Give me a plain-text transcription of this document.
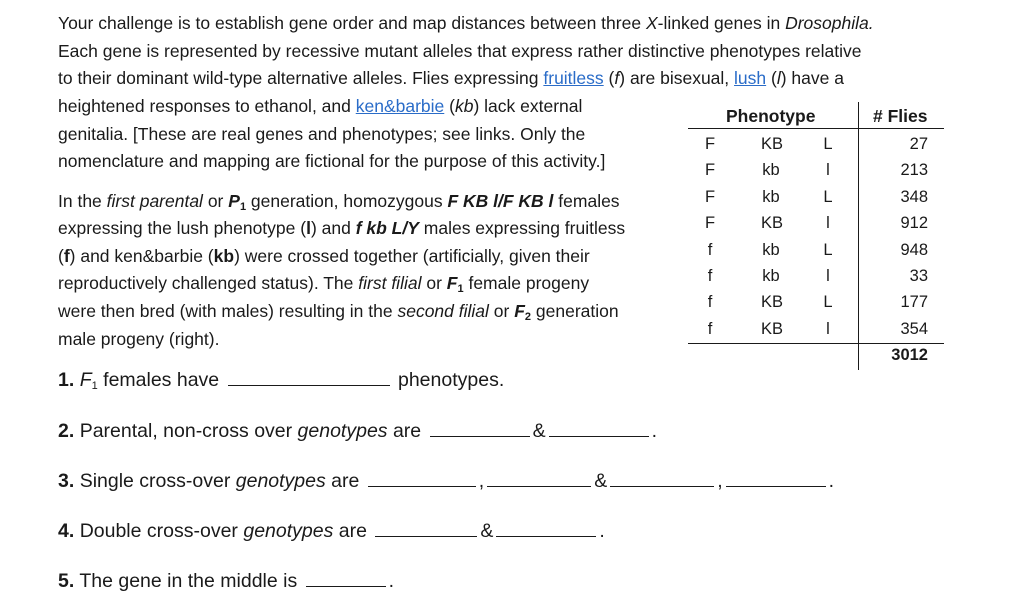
Your challenge is to establish gene order and map distances between three X-linked genes in Drosophila.
Each gene is represented by recessive mutant alleles that express rather distinctive phenotypes relative
to their dominant wild-type alternative alleles. Flies expressing fruitless (f) are bisexual, lush (l) have a
heightened responses to ethanol, and ken&barbie (kb) lack external
genitalia. [These are real genes and phenotypes; see links. Only the
nomenclature and mapping are fictional for the purpose of this activity.]
In the first parental or $P_1$ generation, homozygous F KB l/F KB l females
expressing the lush phenotype (l) and f kb L/Y males expressing fruitless
(f) and ken&barbie (kb) were crossed together (artificially, given their
reproductively challenged status). The first filial or $F_1$ female progeny
were then bred (with males) resulting in the second filial or $F_2$ generation
male progeny (right).
Phenotype	# Flies
F	KB	L	27
F	kb	l	213
F	kb	L	348
F	KB	l	912
f	kb	L	948
f	kb	l	33
f	KB	L	177
f	KB	l	354
3012
1. $F_1$ females have	phenotypes.
2. Parental, non-cross over genotypes are	&	.
3. Single cross-over genotypes are	,	&	,	.
4. Double cross-over genotypes are	&	.
5. The gene in the middle is	.
